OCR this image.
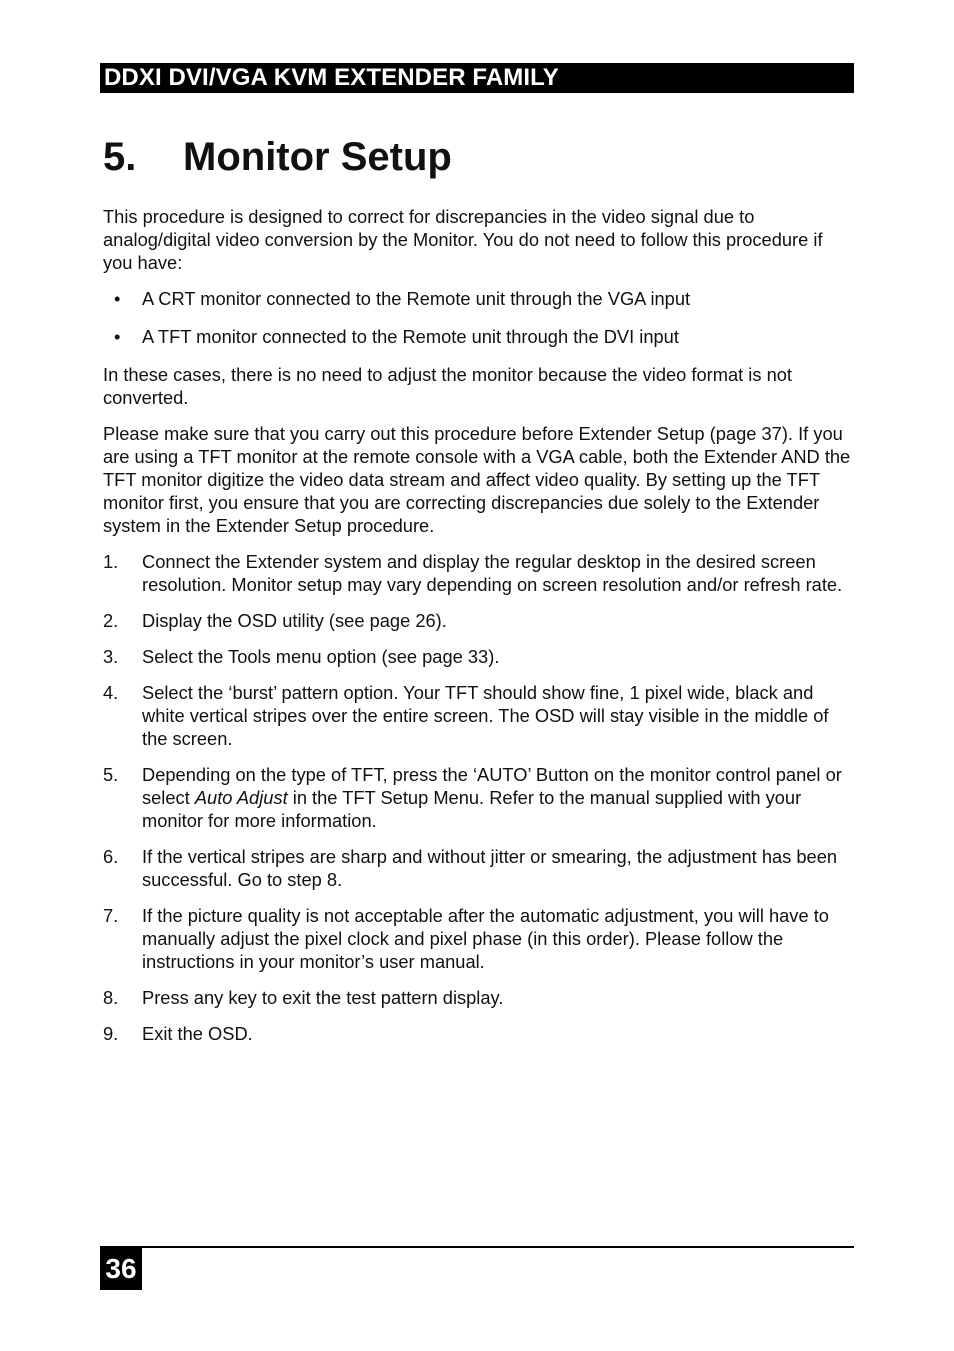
DDXI DVI/VGA KVM EXTENDER FAMILY
5. Monitor Setup

This procedure is designed to correct for discrepancies in the video signal due to analog/digital video conversion by the Monitor. You do not need to follow this procedure if you have:

• A CRT monitor connected to the Remote unit through the VGA input
• A TFT monitor connected to the Remote unit through the DVI input

In these cases, there is no need to adjust the monitor because the video format is not converted.

Please make sure that you carry out this procedure before Extender Setup (page 37). If you are using a TFT monitor at the remote console with a VGA cable, both the Extender AND the TFT monitor digitize the video data stream and affect video quality. By setting up the TFT monitor first, you ensure that you are correcting discrepancies due solely to the Extender system in the Extender Setup procedure.

1. Connect the Extender system and display the regular desktop in the desired screen resolution. Monitor setup may vary depending on screen resolution and/or refresh rate.
2. Display the OSD utility (see page 26).
3. Select the Tools menu option (see page 33).
4. Select the ‘burst’ pattern option. Your TFT should show fine, 1 pixel wide, black and white vertical stripes over the entire screen. The OSD will stay visible in the middle of the screen.
5. Depending on the type of TFT, press the ‘AUTO’ Button on the monitor control panel or select Auto Adjust in the TFT Setup Menu. Refer to the manual supplied with your monitor for more information.
6. If the vertical stripes are sharp and without jitter or smearing, the adjustment has been successful. Go to step 8.
7. If the picture quality is not acceptable after the automatic adjustment, you will have to manually adjust the pixel clock and pixel phase (in this order). Please follow the instructions in your monitor’s user manual.
8. Press any key to exit the test pattern display.
9. Exit the OSD.
36
